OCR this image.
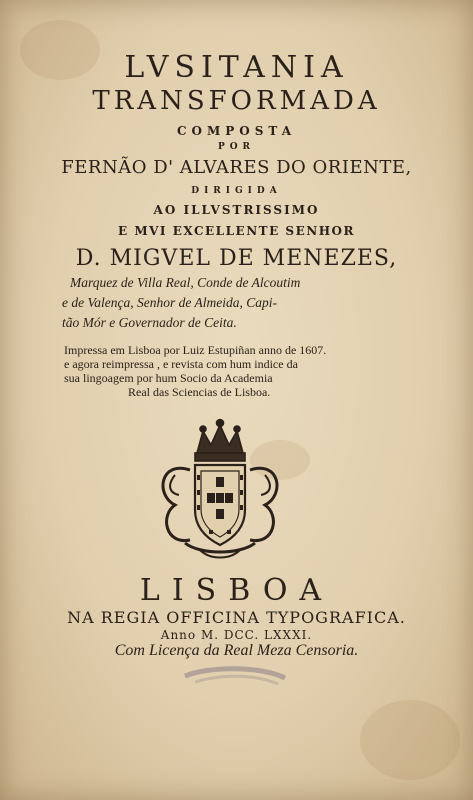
LVSITANIA
TRANSFORMADA
COMPOSTA
POR
FERNÃO D' ALVARES DO ORIENTE,
DIRIGIDA
AO ILLVSTRISSIMO
E MVI EXCELLENTE SENHOR
D. MIGVEL DE MENEZES,
Marquez de Villa Real, Conde de Alcoutim
e de Valença, Senhor de Almeida, Capi-
tão Mór e Governador de Ceita.
Impressa em Lisboa por Luiz Estupiñan anno de 1607.
e agora reimpressa , e revista com hum indice da
sua lingoagem por hum Socio da Academia
Real das Sciencias de Lisboa.
LISBOA
NA REGIA OFFICINA TYPOGRAFICA.
Anno M. DCC. LXXXI.
Com Licença da Real Meza Censoria.
